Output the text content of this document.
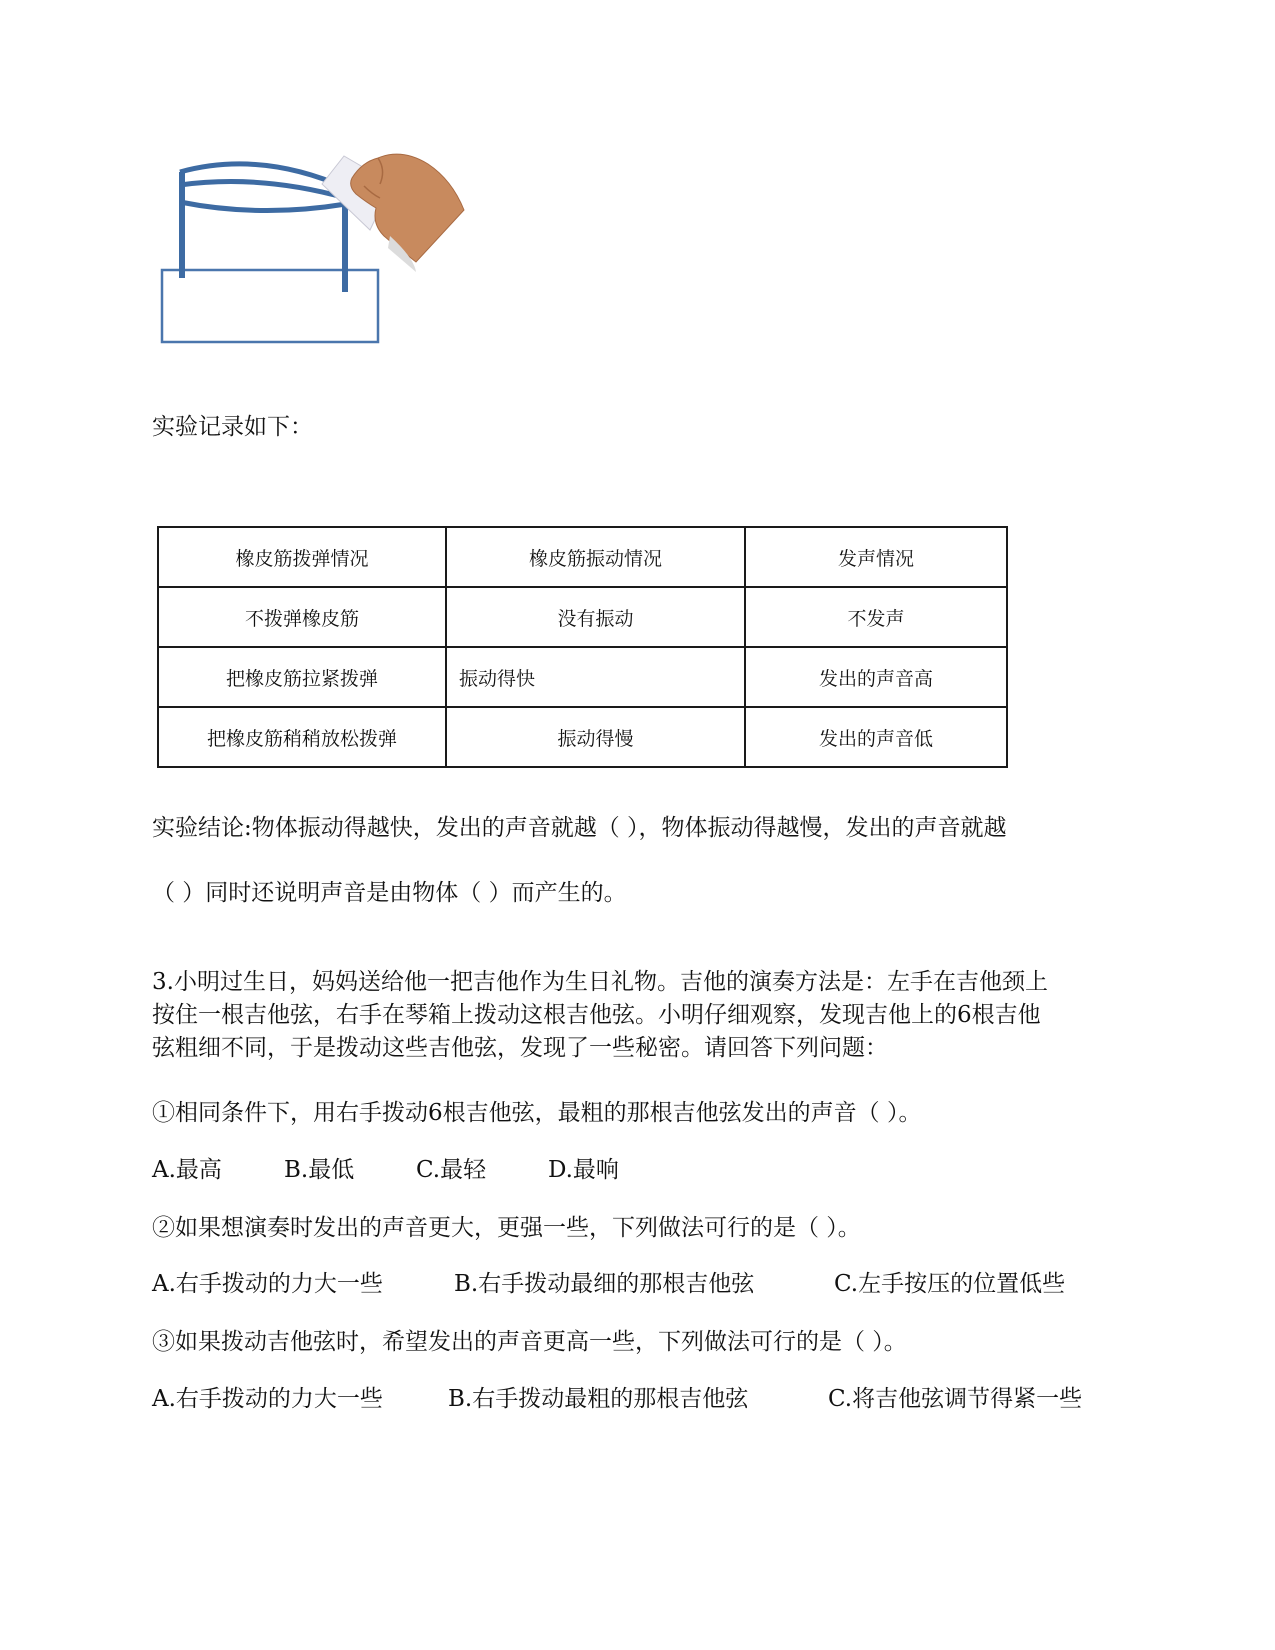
实验记录如下：
橡皮筋拨弹情况	橡皮筋振动情况	发声情况
不拨弹橡皮筋	没有振动	不发声
把橡皮筋拉紧拨弹	振动得快	发出的声音高
把橡皮筋稍稍放松拨弹	振动得慢	发出的声音低
实验结论:物体振动得越快，发出的声音就越（ ），物体振动得越慢，发出的声音就越
（ ）同时还说明声音是由物体（ ）而产生的。
3.小明过生日，妈妈送给他一把吉他作为生日礼物。吉他的演奏方法是：左手在吉他颈上
按住一根吉他弦，右手在琴箱上拨动这根吉他弦。小明仔细观察，发现吉他上的6根吉他
弦粗细不同，于是拨动这些吉他弦，发现了一些秘密。请回答下列问题：
①相同条件下，用右手拨动6根吉他弦，最粗的那根吉他弦发出的声音（ ）。
A.最高	B.最低	C.最轻	D.最响
②如果想演奏时发出的声音更大，更强一些，下列做法可行的是（ ）。
A.右手拨动的力大一些	B.右手拨动最细的那根吉他弦	C.左手按压的位置低些
③如果拨动吉他弦时，希望发出的声音更高一些，下列做法可行的是（ ）。
A.右手拨动的力大一些	B.右手拨动最粗的那根吉他弦	C.将吉他弦调节得紧一些
